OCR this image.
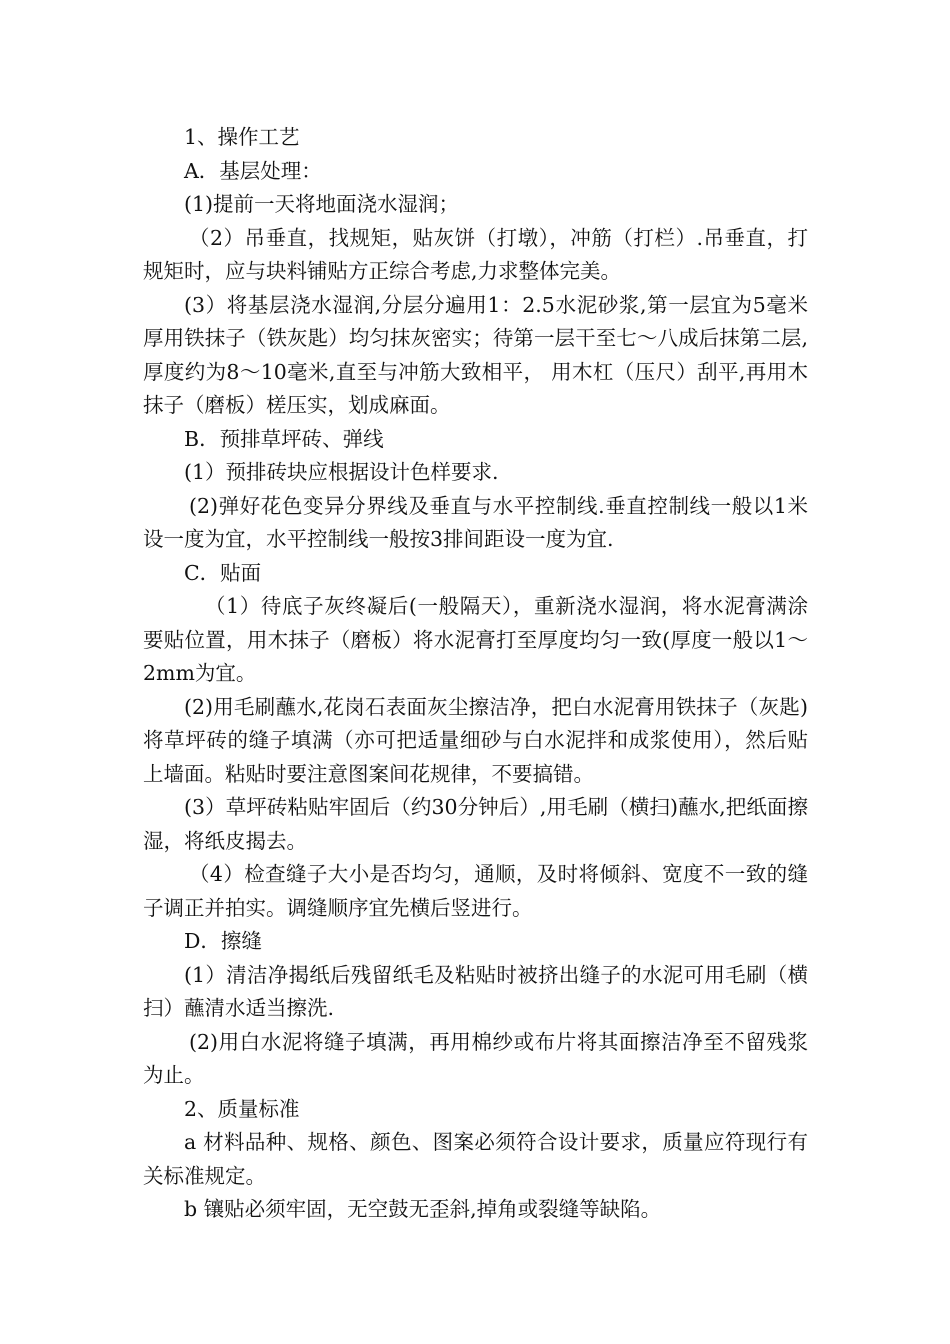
1、操作工艺

A．基层处理：

(1)提前一天将地面浇水湿润；

（2）吊垂直，找规矩，贴灰饼（打墩），冲筋（打栏）.吊垂直，打规矩时，应与块料铺贴方正综合考虑,力求整体完美。

(3）将基层浇水湿润,分层分遍用1：2.5水泥砂浆,第一层宜为5毫米厚用铁抹子（铁灰匙）均匀抹灰密实；待第一层干至七～八成后抹第二层,厚度约为8～10毫米,直至与冲筋大致相平， 用木杠（压尺）刮平,再用木抹子（磨板）槎压实，划成麻面。

B．预排草坪砖、弹线

(1）预排砖块应根据设计色样要求.

(2)弹好花色变异分界线及垂直与水平控制线.垂直控制线一般以1米设一度为宜，水平控制线一般按3排间距设一度为宜.

C．贴面

（1）待底子灰终凝后(一般隔天），重新浇水湿润，将水泥膏满涂要贴位置，用木抹子（磨板）将水泥膏打至厚度均匀一致(厚度一般以1～2mm为宜。

(2)用毛刷蘸水,花岗石表面灰尘擦洁净，把白水泥膏用铁抹子（灰匙)将草坪砖的缝子填满（亦可把适量细砂与白水泥拌和成浆使用），然后贴上墙面。粘贴时要注意图案间花规律，不要搞错。

(3）草坪砖粘贴牢固后（约30分钟后）,用毛刷（横扫)蘸水,把纸面擦湿，将纸皮揭去。

（4）检查缝子大小是否均匀，通顺，及时将倾斜、宽度不一致的缝子调正并拍实。调缝顺序宜先横后竖进行。

D．擦缝

(1）清洁净揭纸后残留纸毛及粘贴时被挤出缝子的水泥可用毛刷（横扫）蘸清水适当擦洗.

(2)用白水泥将缝子填满，再用棉纱或布片将其面擦洁净至不留残浆为止。

2、质量标准

a 材料品种、规格、颜色、图案必须符合设计要求，质量应符现行有关标准规定。

b 镶贴必须牢固，无空鼓无歪斜,掉角或裂缝等缺陷。
